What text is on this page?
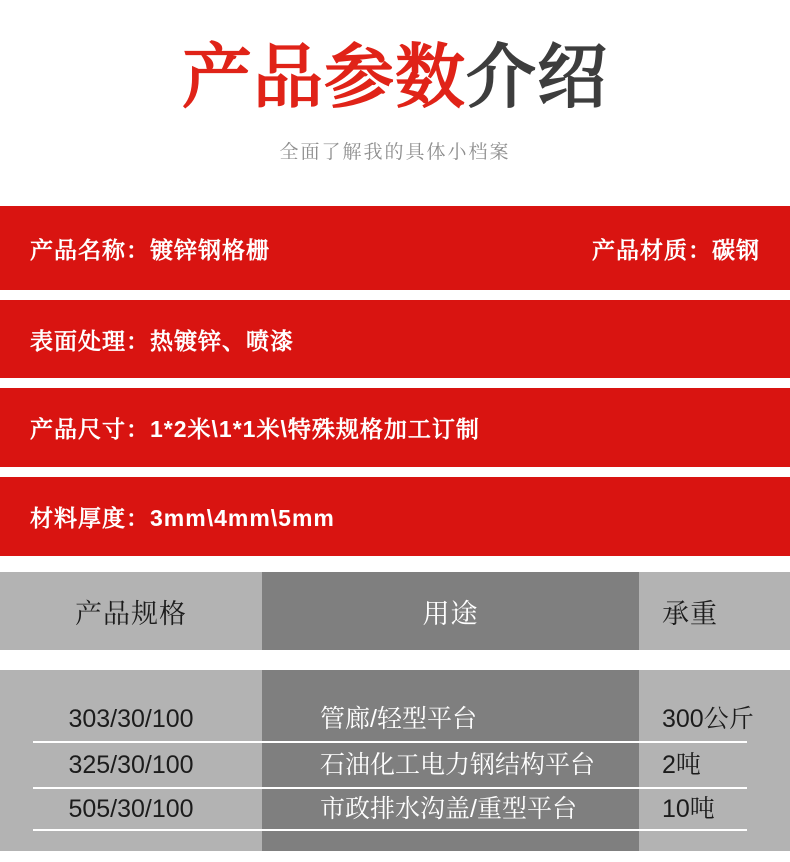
产品参数介绍
全面了解我的具体小档案
产品名称：镀锌钢格栅	产品材质：碳钢
表面处理：热镀锌、喷漆
产品尺寸：1*2米\1*1米\特殊规格加工订制
材料厚度：3mm\4mm\5mm
产品规格	用途	承重
303/30/100	管廊/轻型平台	300公斤
325/30/100	石油化工电力钢结构平台	2吨
505/30/100	市政排水沟盖/重型平台	10吨
